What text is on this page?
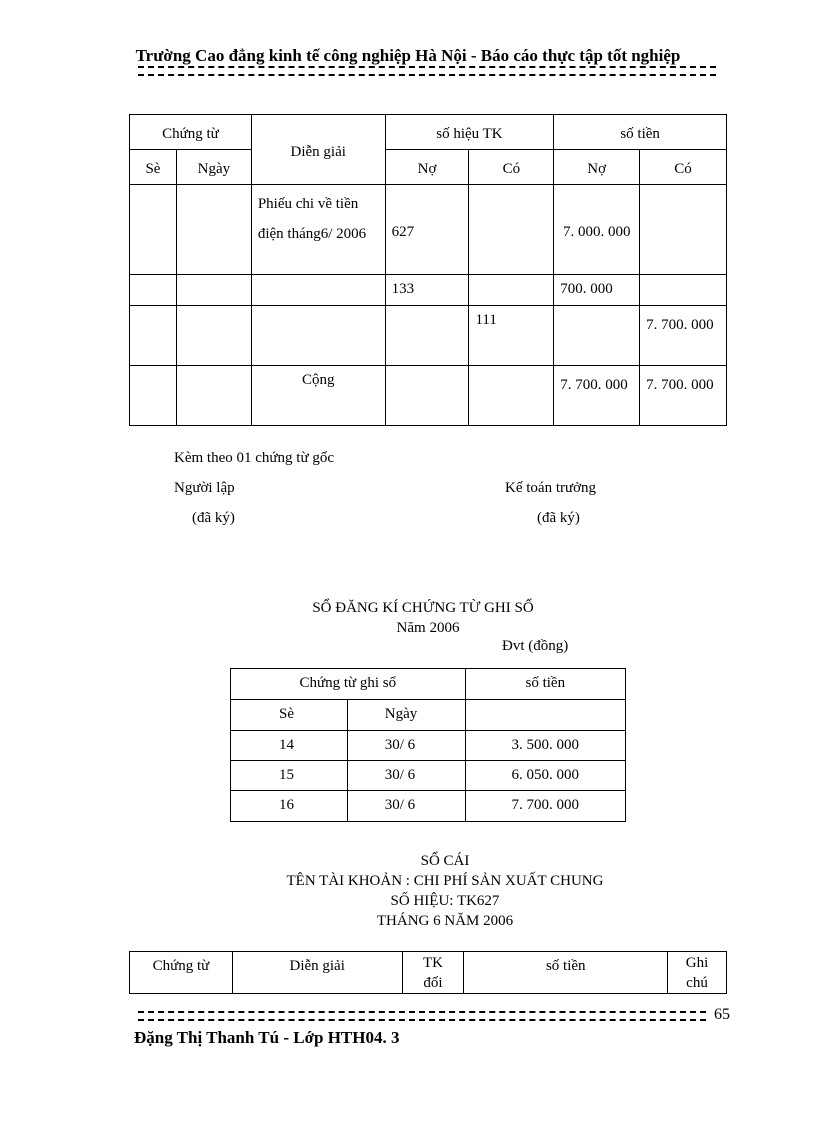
Trường Cao đẳng kinh tế công nghiệp Hà Nội - Báo cáo thực tập tốt nghiệp
Chứng từ		Diễn giải	số hiệu TK		số tiền	
Sè	Ngày		Nợ	Có	Nợ	Có
		Phiếu chi về tiền điện tháng6/ 2006	627		7. 000. 000	
			133		700. 000	
				111		7. 700. 000
		Cộng			7. 700. 000	7. 700. 000
Kèm theo 01 chứng từ gốc
Người lập
(đã ký)
Kế toán trưởng
(đã ký)
SỔ ĐĂNG KÍ CHỨNG TỪ GHI SỔ
Năm 2006
Đvt (đồng)
Chứng từ ghi sổ		số tiền
Sè	Ngày	
14	30/ 6	3. 500. 000
15	30/ 6	6. 050. 000
16	30/ 6	7. 700. 000
SỔ CÁI
TÊN TÀI KHOẢN : CHI PHÍ SẢN XUẤT CHUNG
SỐ HIỆU: TK627
THÁNG 6 NĂM 2006
Chứng từ	Diễn giải	TK đối	số tiền	Ghi chú
65
Đặng Thị Thanh Tú - Lớp HTH04. 3
